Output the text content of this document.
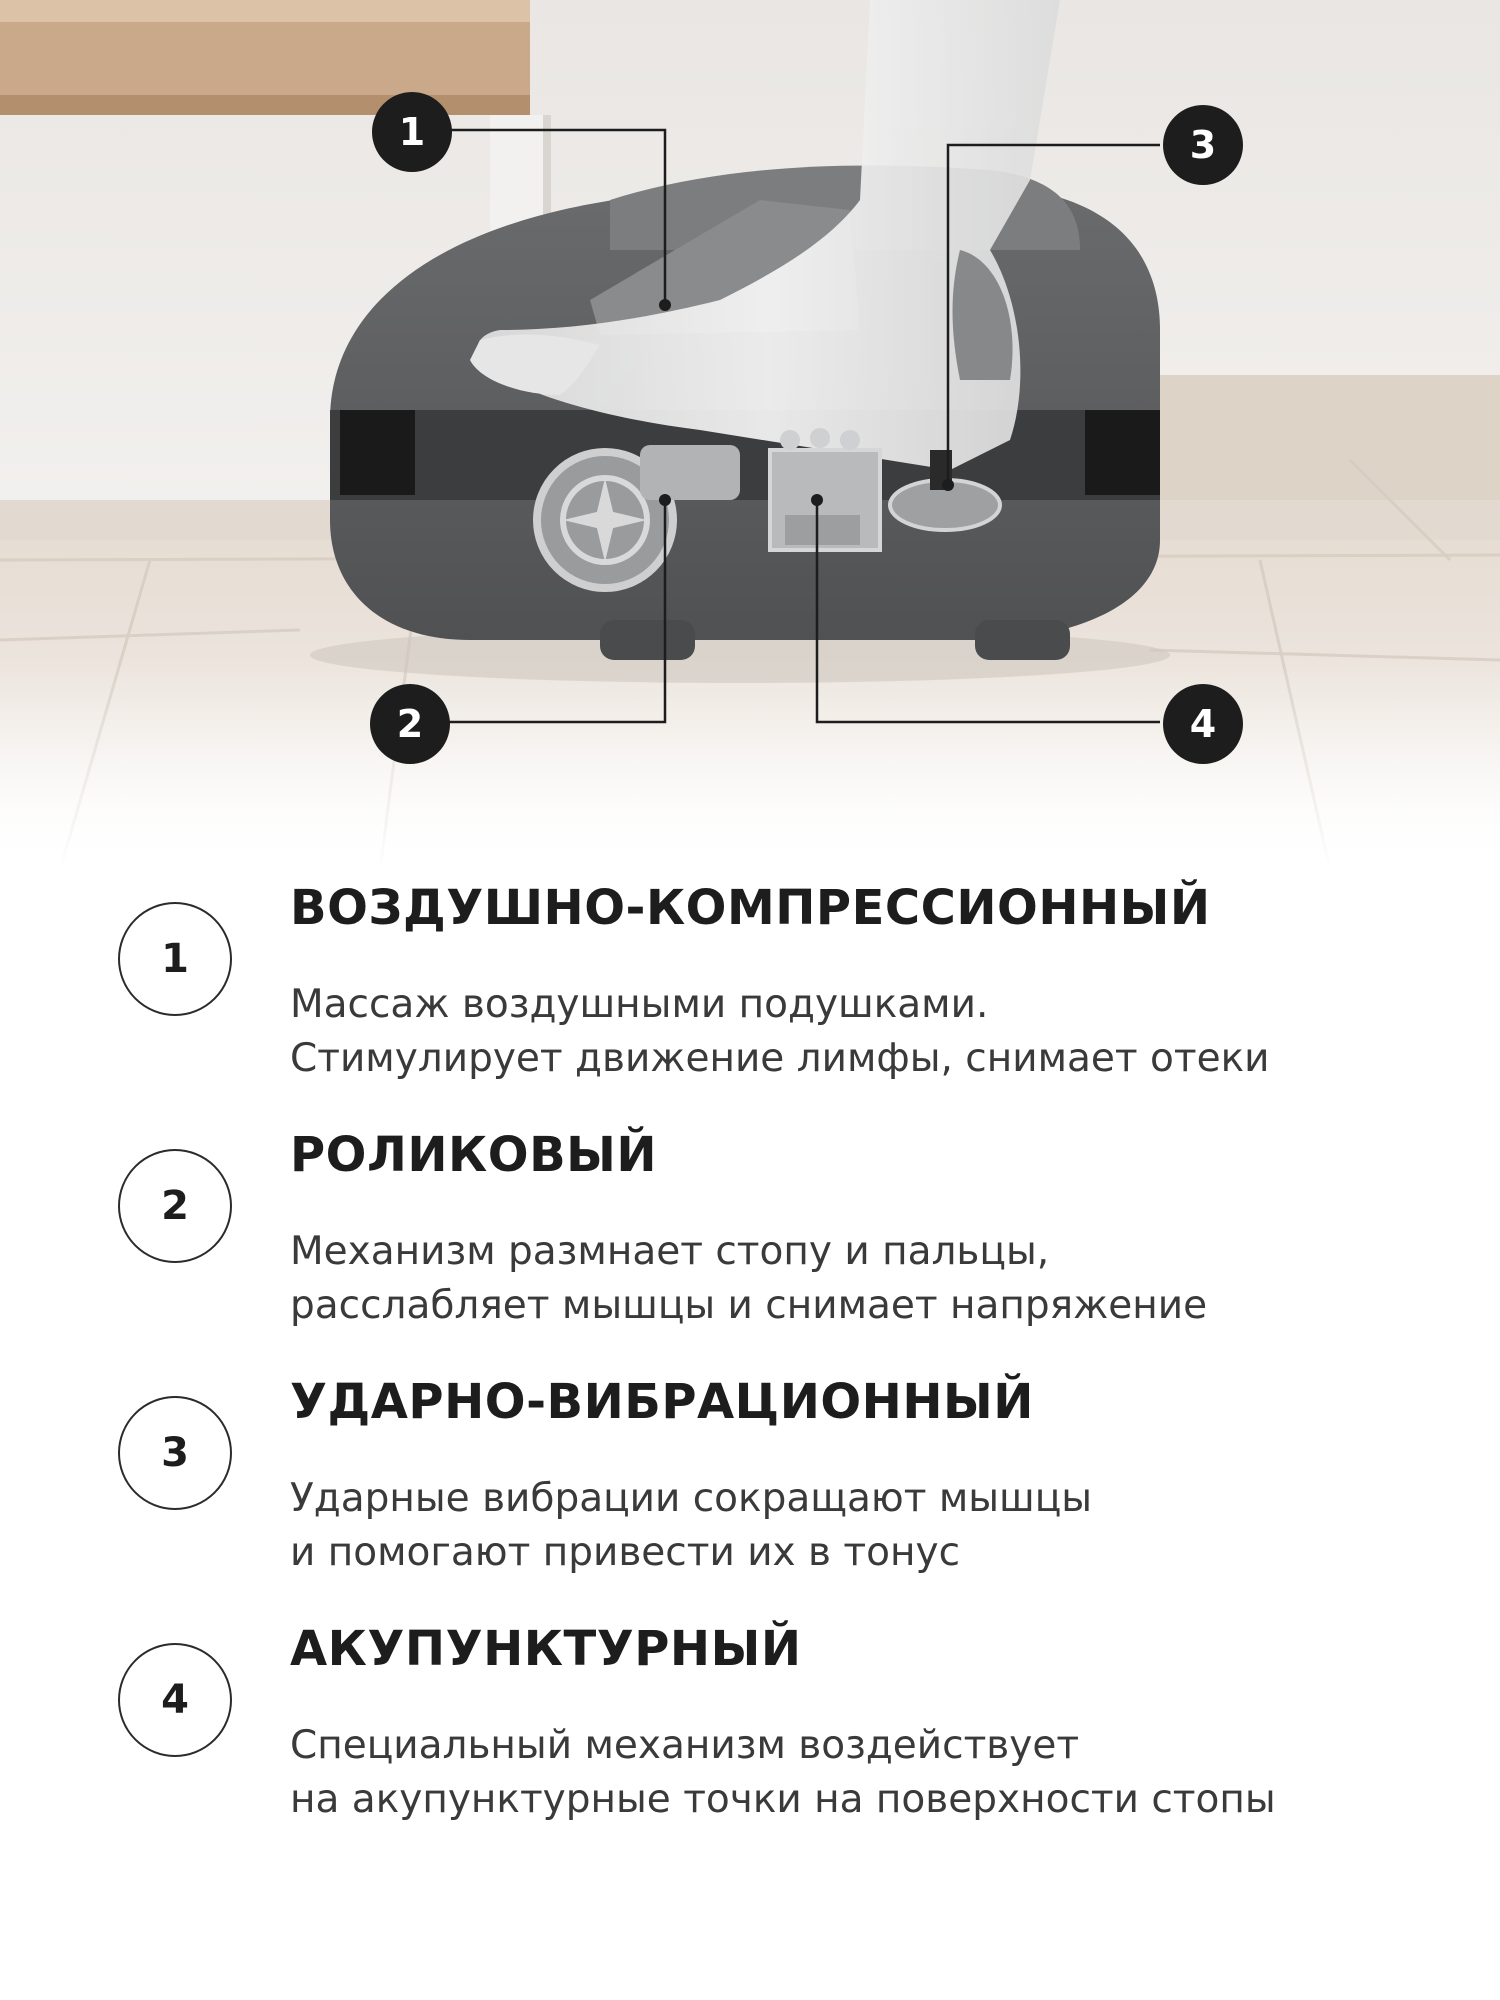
1
2
3
4
1
ВОЗДУШНО-КОМПРЕССИОННЫЙ
Массаж воздушными подушками.
Стимулирует движение лимфы, снимает отеки
2
РОЛИКОВЫЙ
Механизм размнает стопу и пальцы,
расслабляет мышцы и снимает напряжение
3
УДАРНО-ВИБРАЦИОННЫЙ
Ударные вибрации сокращают мышцы
и помогают привести их в тонус
4
АКУПУНКТУРНЫЙ
Специальный механизм воздействует
на акупунктурные точки на поверхности стопы
